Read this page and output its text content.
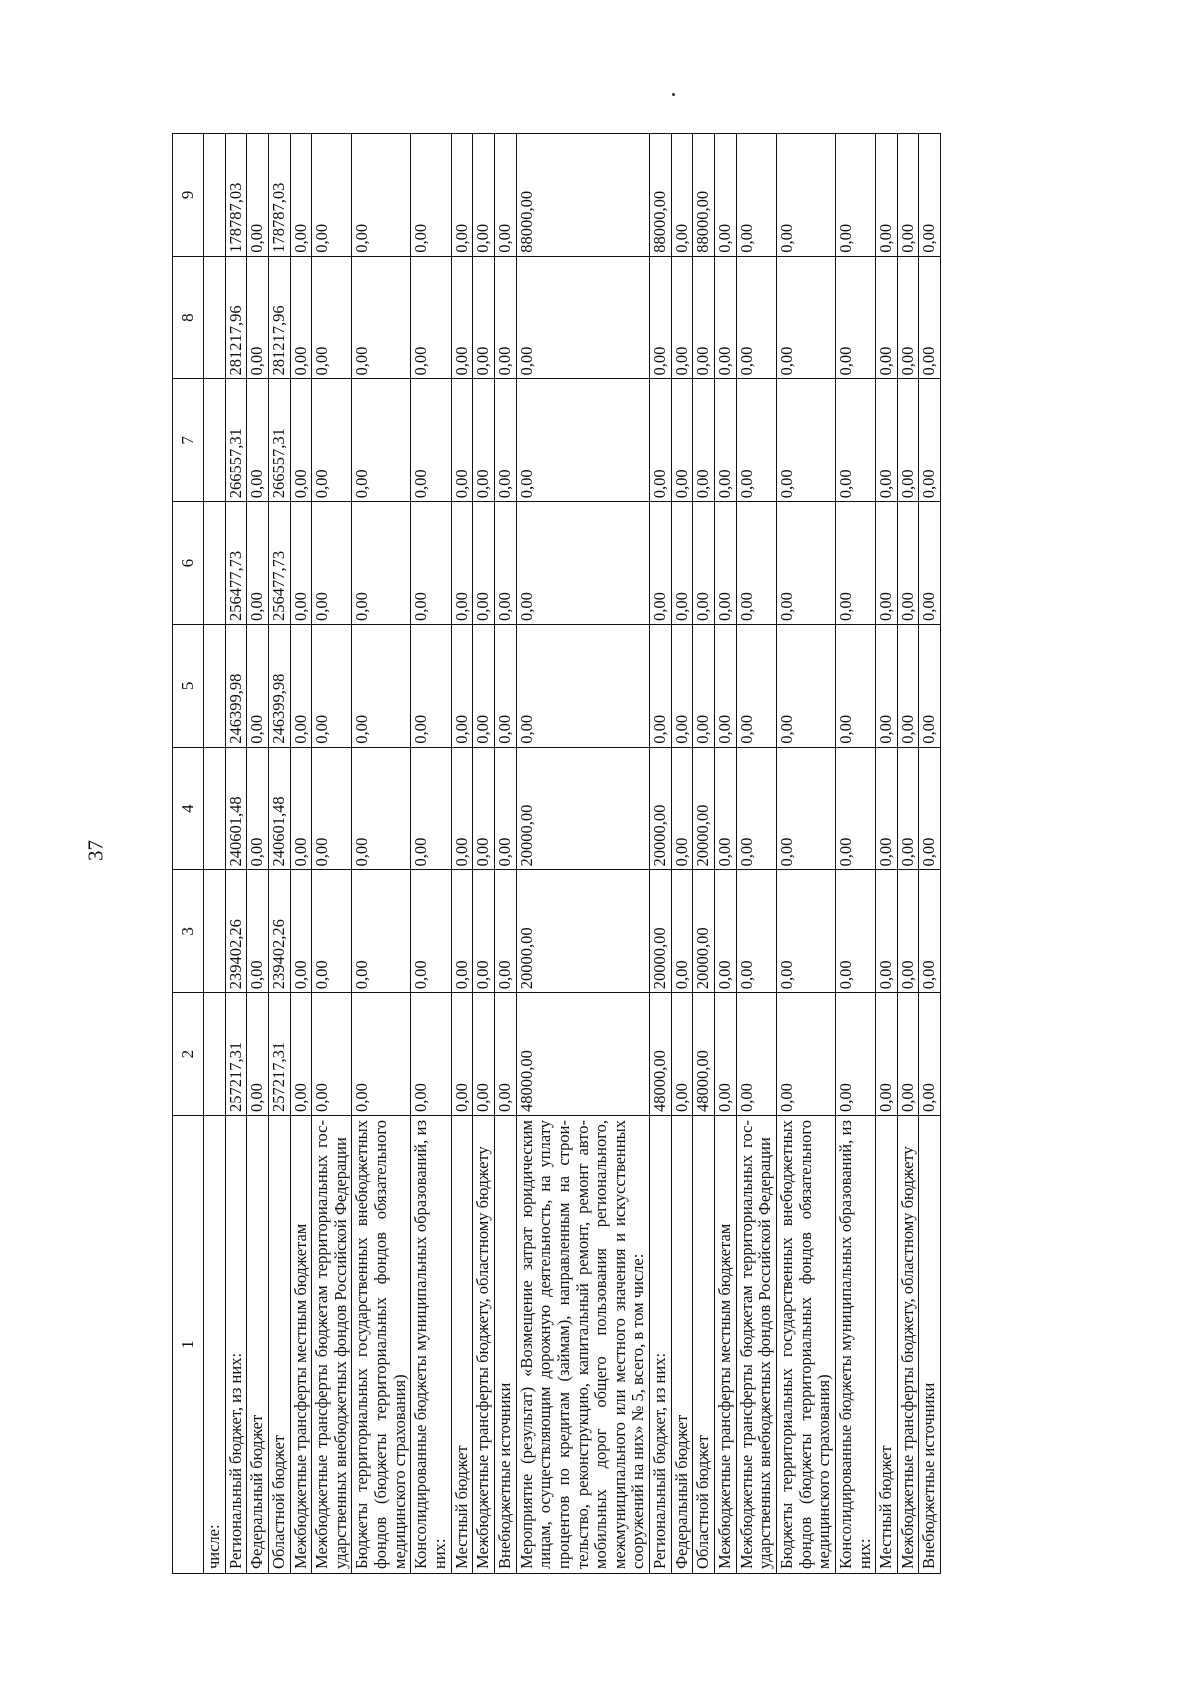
37
1	2	3	4	5	6	7	8	9
числе:								
Региональный бюджет, из них:	257217,31	239402,26	240601,48	246399,98	256477,73	266557,31	281217,96	178787,03
Федеральный бюджет	0,00	0,00	0,00	0,00	0,00	0,00	0,00	0,00
Областной бюджет	257217,31	239402,26	240601,48	246399,98	256477,73	266557,31	281217,96	178787,03
Межбюджетные трансферты местным бюджетам	0,00	0,00	0,00	0,00	0,00	0,00	0,00	0,00
Межбюджетные трансферты бюджетам территориальных гос-ударственных внебюджетных фондов Российской Федерации	0,00	0,00	0,00	0,00	0,00	0,00	0,00	0,00
Бюджеты территориальных государственных внебюджетных фондов (бюджеты территориальных фондов обязательного медицинского страхования)	0,00	0,00	0,00	0,00	0,00	0,00	0,00	0,00
Консолидированные бюджеты муниципальных образований, из них:	0,00	0,00	0,00	0,00	0,00	0,00	0,00	0,00
Местный бюджет	0,00	0,00	0,00	0,00	0,00	0,00	0,00	0,00
Межбюджетные трансферты бюджету, областному бюджету	0,00	0,00	0,00	0,00	0,00	0,00	0,00	0,00
Внебюджетные источники	0,00	0,00	0,00	0,00	0,00	0,00	0,00	0,00
Мероприятие (результат) «Возмещение затрат юридическим лицам, осуществляющим дорожную деятельность, на уплату процентов по кредитам (займам), направленным на строи-тельство, реконструкцию, капитальный ремонт, ремонт авто-мобильных дорог общего пользования регионального, межмуниципального или местного значения и искусственных сооружений на них» № 5, всего, в том числе:	48000,00	20000,00	20000,00	0,00	0,00	0,00	0,00	88000,00
Региональный бюджет, из них:	48000,00	20000,00	20000,00	0,00	0,00	0,00	0,00	88000,00
Федеральный бюджет	0,00	0,00	0,00	0,00	0,00	0,00	0,00	0,00
Областной бюджет	48000,00	20000,00	20000,00	0,00	0,00	0,00	0,00	88000,00
Межбюджетные трансферты местным бюджетам	0,00	0,00	0,00	0,00	0,00	0,00	0,00	0,00
Межбюджетные трансферты бюджетам территориальных гос-ударственных внебюджетных фондов Российской Федерации	0,00	0,00	0,00	0,00	0,00	0,00	0,00	0,00
Бюджеты территориальных государственных внебюджетных фондов (бюджеты территориальных фондов обязательного медицинского страхования)	0,00	0,00	0,00	0,00	0,00	0,00	0,00	0,00
Консолидированные бюджеты муниципальных образований, из них:	0,00	0,00	0,00	0,00	0,00	0,00	0,00	0,00
Местный бюджет	0,00	0,00	0,00	0,00	0,00	0,00	0,00	0,00
Межбюджетные трансферты бюджету, областному бюджету	0,00	0,00	0,00	0,00	0,00	0,00	0,00	0,00
Внебюджетные источники	0,00	0,00	0,00	0,00	0,00	0,00	0,00	0,00
